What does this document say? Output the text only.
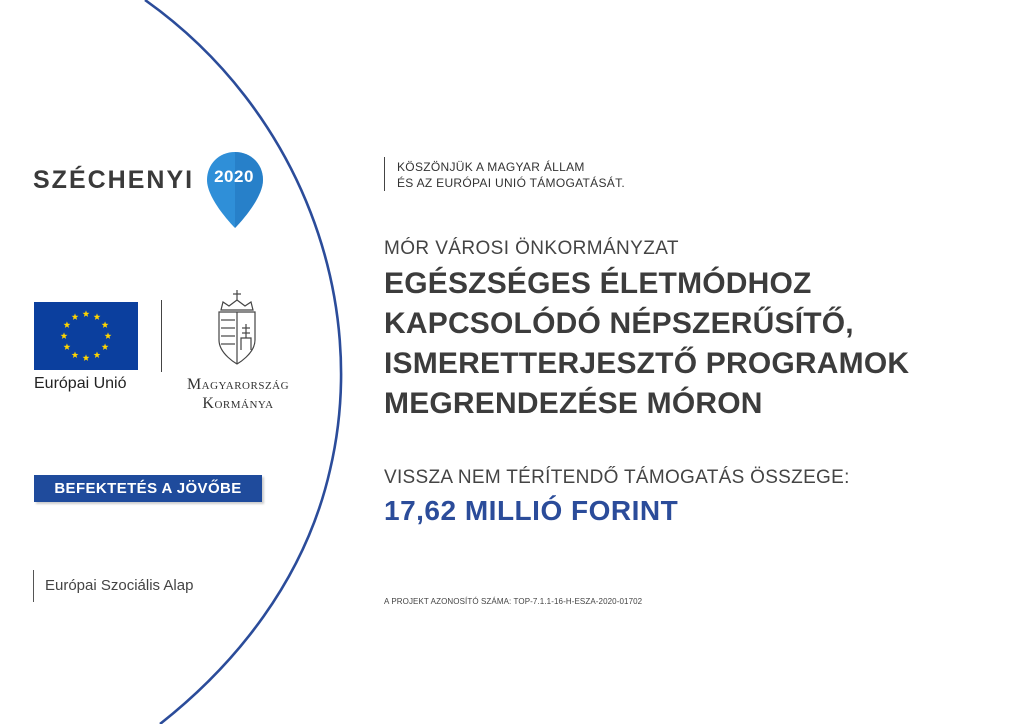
SZÉCHENYI	2020
Európai Unió	Magyarország
Kormánya
BEFEKTETÉS A JÖVŐBE
Európai Szociális Alap
KÖSZÖNJÜK A MAGYAR ÁLLAM
ÉS AZ EURÓPAI UNIÓ TÁMOGATÁSÁT.
MÓR VÁROSI ÖNKORMÁNYZAT
EGÉSZSÉGES ÉLETMÓDHOZ
KAPCSOLÓDÓ NÉPSZERŰSÍTŐ,
ISMERETTERJESZTŐ PROGRAMOK
MEGRENDEZÉSE MÓRON
VISSZA NEM TÉRÍTENDŐ TÁMOGATÁS ÖSSZEGE:
17,62 MILLIÓ FORINT
A PROJEKT AZONOSÍTÓ SZÁMA: TOP-7.1.1-16-H-ESZA-2020-01702
